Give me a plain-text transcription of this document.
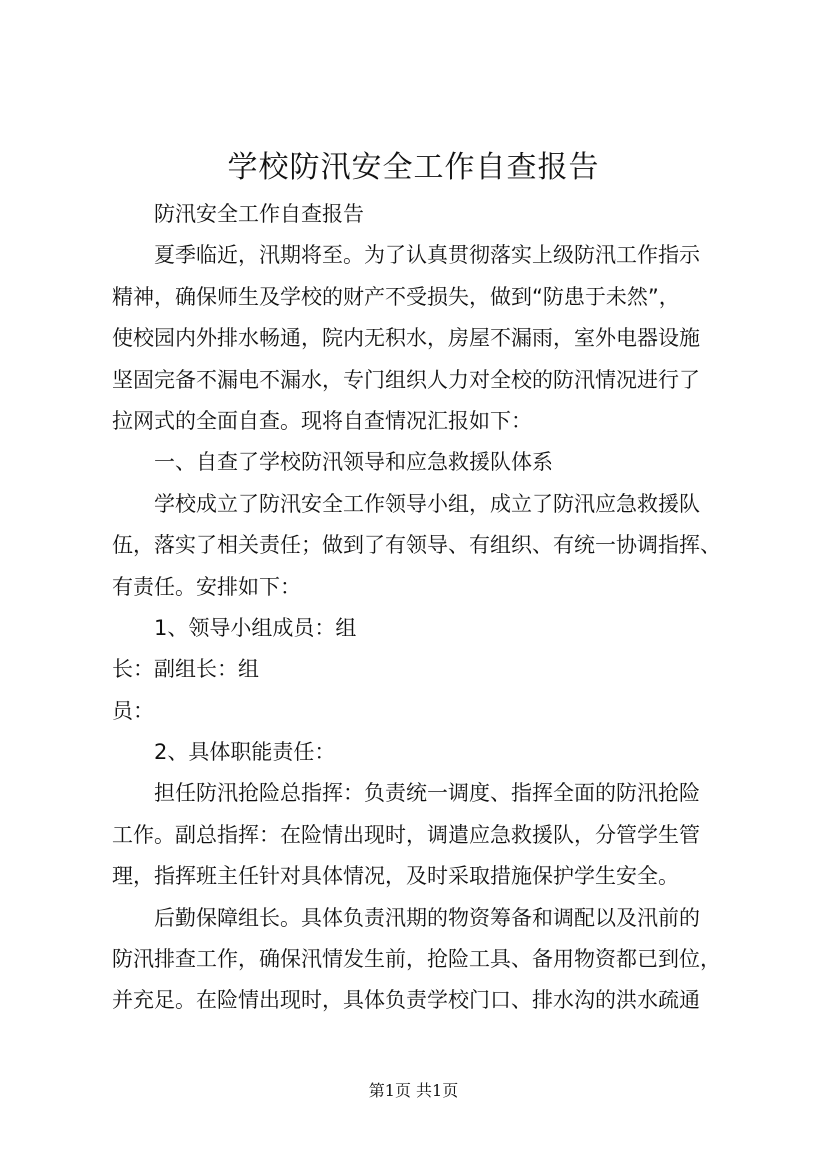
学校防汛安全工作自查报告
防汛安全工作自查报告
夏季临近，汛期将至。为了认真贯彻落实上级防汛工作指示
精神，确保师生及学校的财产不受损失，做到“防患于未然”，
使校园内外排水畅通，院内无积水，房屋不漏雨，室外电器设施
坚固完备不漏电不漏水，专门组织人力对全校的防汛情况进行了
拉网式的全面自查。现将自查情况汇报如下：
一、自查了学校防汛领导和应急救援队体系
学校成立了防汛安全工作领导小组，成立了防汛应急救援队
伍，落实了相关责任；做到了有领导、有组织、有统一协调指挥、
有责任。安排如下：
1、领导小组成员：组
长：副组长：组
员：
2、具体职能责任：
担任防汛抢险总指挥：负责统一调度、指挥全面的防汛抢险
工作。副总指挥：在险情出现时，调遣应急救援队，分管学生管
理，指挥班主任针对具体情况，及时采取措施保护学生安全。
后勤保障组长。具体负责汛期的物资筹备和调配以及汛前的
防汛排查工作，确保汛情发生前，抢险工具、备用物资都已到位，
并充足。在险情出现时，具体负责学校门口、排水沟的洪水疏通
第1页 共1页
